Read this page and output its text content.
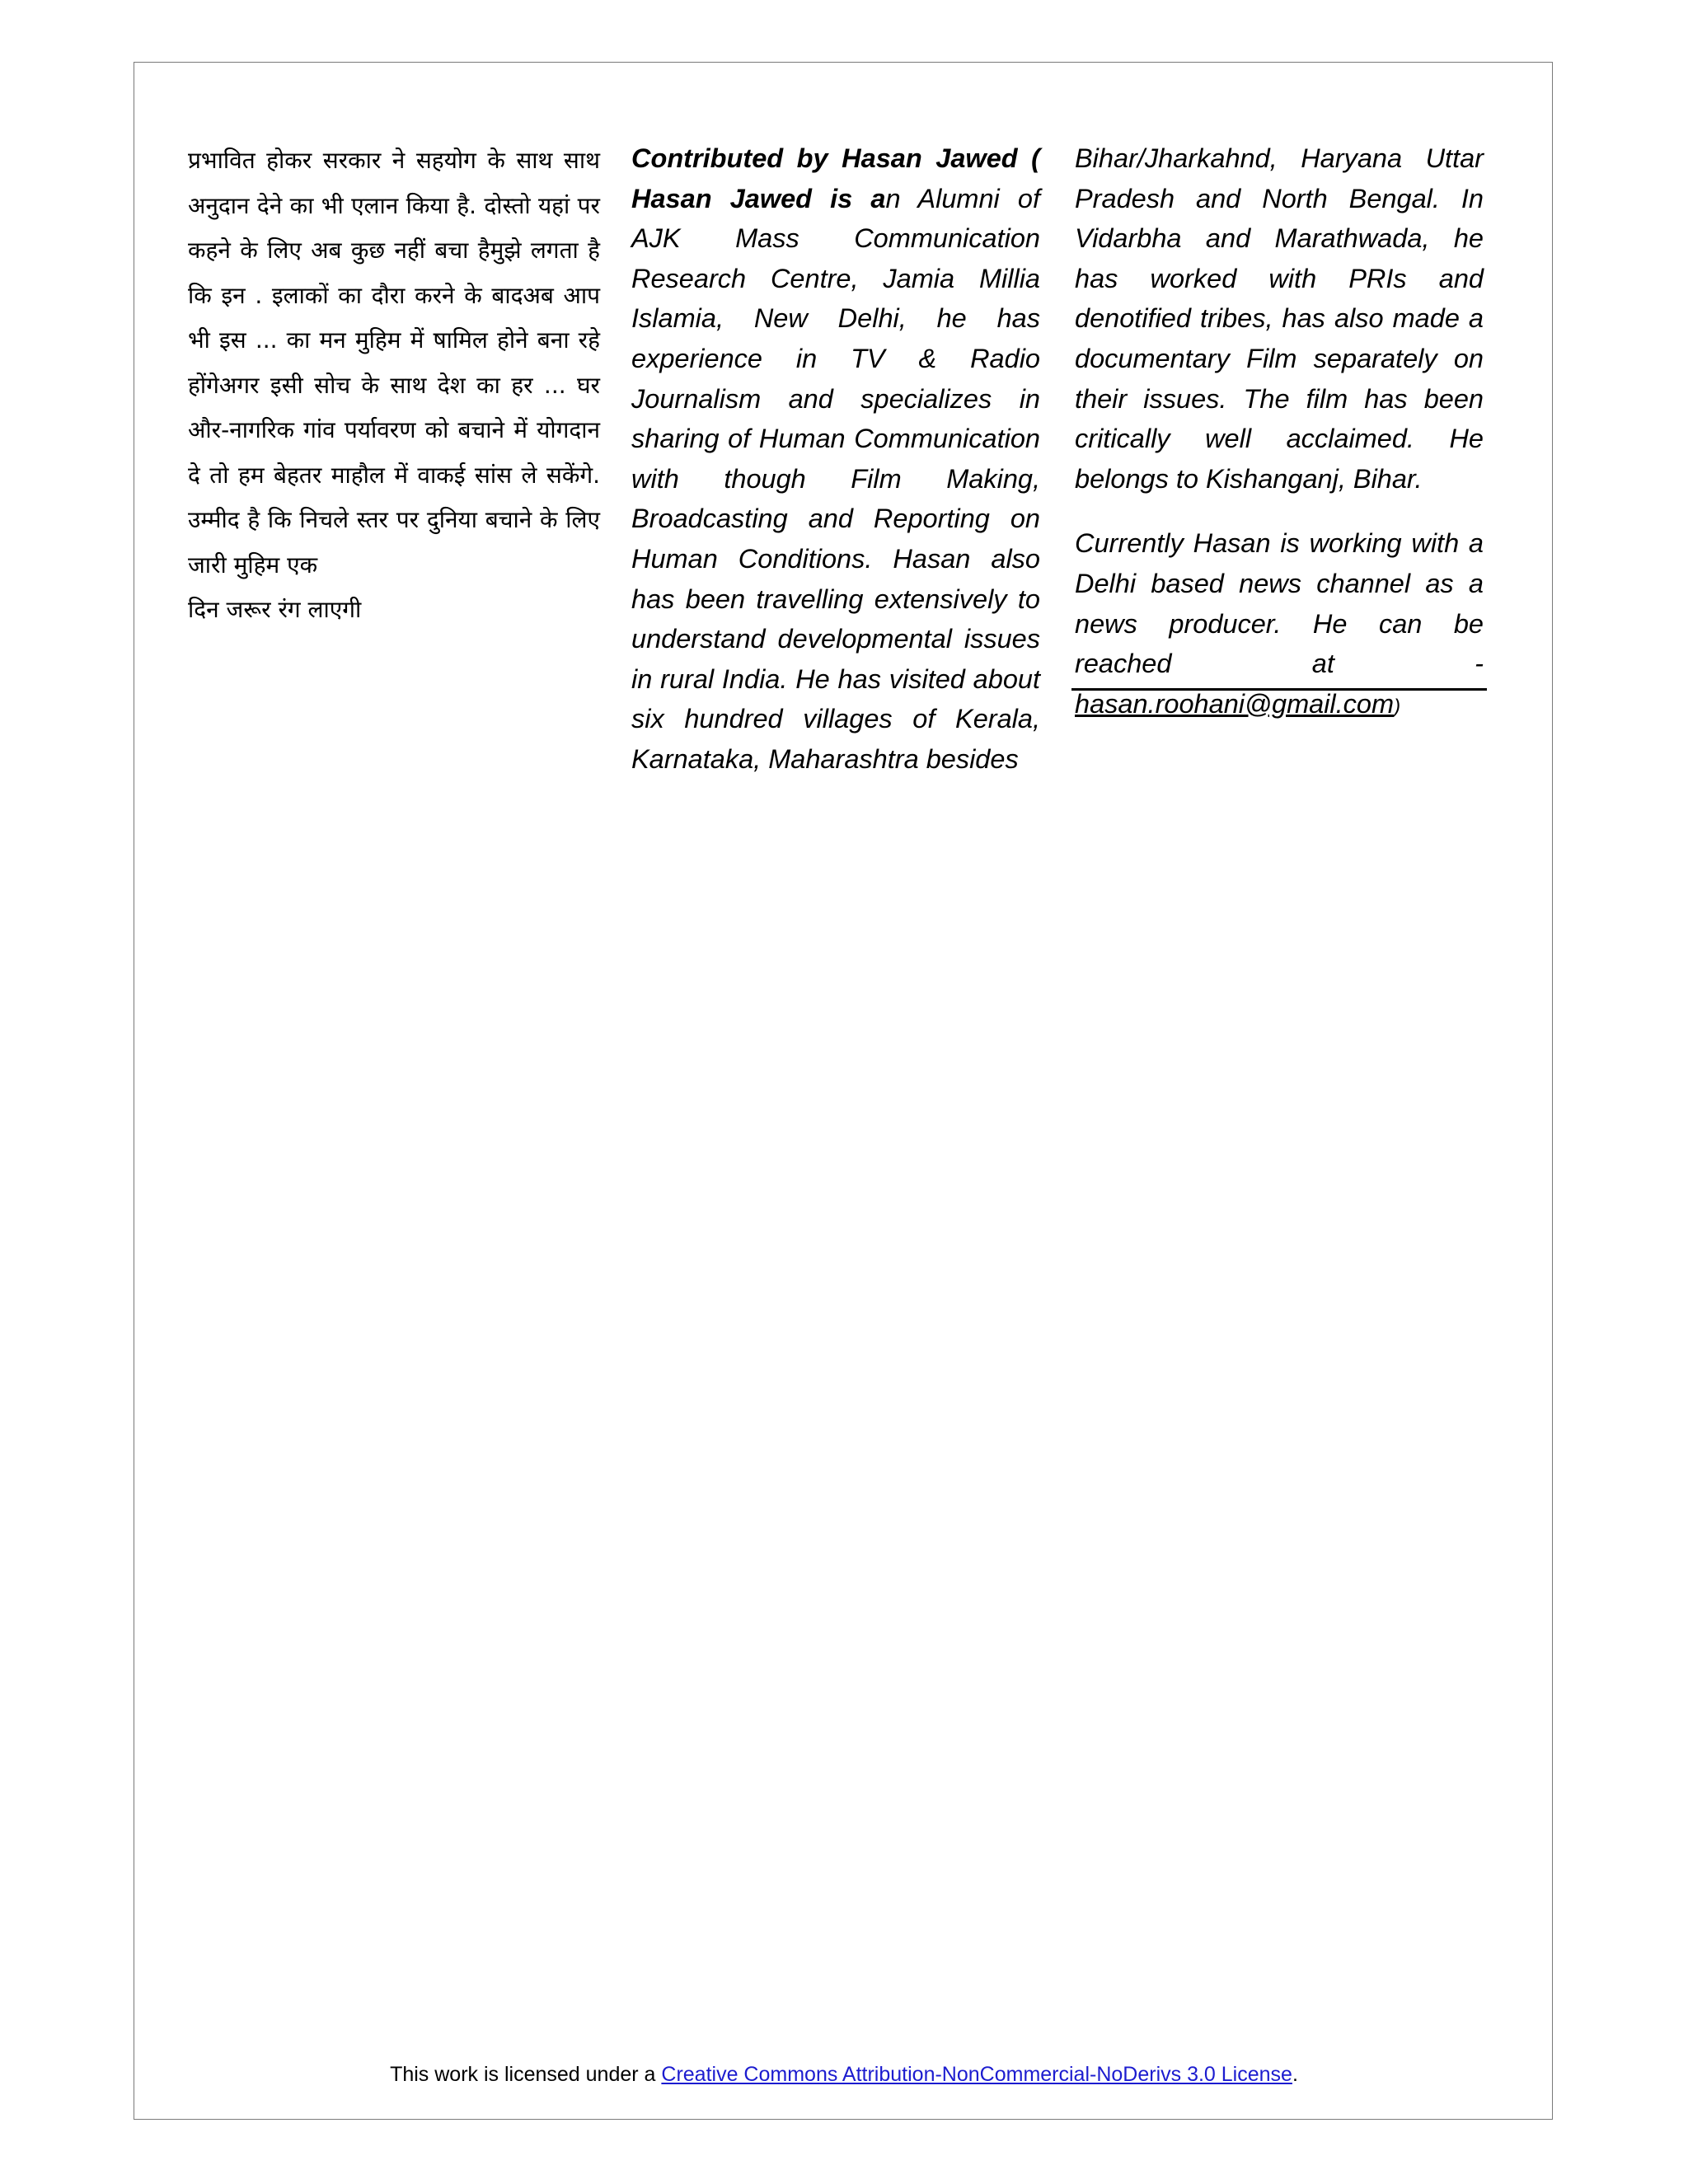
प्रभावित होकर सरकार ने सहयोग के साथ साथ अनुदान देने का भी एलान किया है. दोस्तो यहां पर कहने के लिए अब कुछ नहीं बचा हैमुझे लगता है कि इन . इलाकों का दौरा करने के बादअब आप भी इस ... का मन मुहिम में षामिल होने बना रहे होंगेअगर इसी सोच के साथ देश का हर ... घर और-नागरिक गांव पर्यावरण को बचाने में योगदान दे तो हम बेहतर माहौल में वाकई सांस ले सकेंगे. उम्मीद है कि निचले स्तर पर दुनिया बचाने के लिए जारी मुहिम एक
दिन जरूर रंग लाएगी

Contributed by Hasan Jawed ( Hasan Jawed is an Alumni of AJK Mass Communication Research Centre, Jamia Millia Islamia, New Delhi, he has experience in TV & Radio Journalism and specializes in sharing of Human Communication with though Film Making, Broadcasting and Reporting on Human Conditions. Hasan also has been travelling extensively to understand developmental issues in rural India. He has visited about six hundred villages of Kerala, Karnataka, Maharashtra besides

Bihar/Jharkahnd, Haryana Uttar Pradesh and North Bengal. In Vidarbha and Marathwada, he has worked with PRIs and denotified tribes, has also made a documentary Film separately on their issues. The film has been critically well acclaimed. He belongs to Kishanganj, Bihar.

Currently Hasan is working with a Delhi based news channel as a news producer. He can be reached at - hasan.roohani@gmail.com)

This work is licensed under a Creative Commons Attribution-NonCommercial-NoDerivs 3.0 License.
